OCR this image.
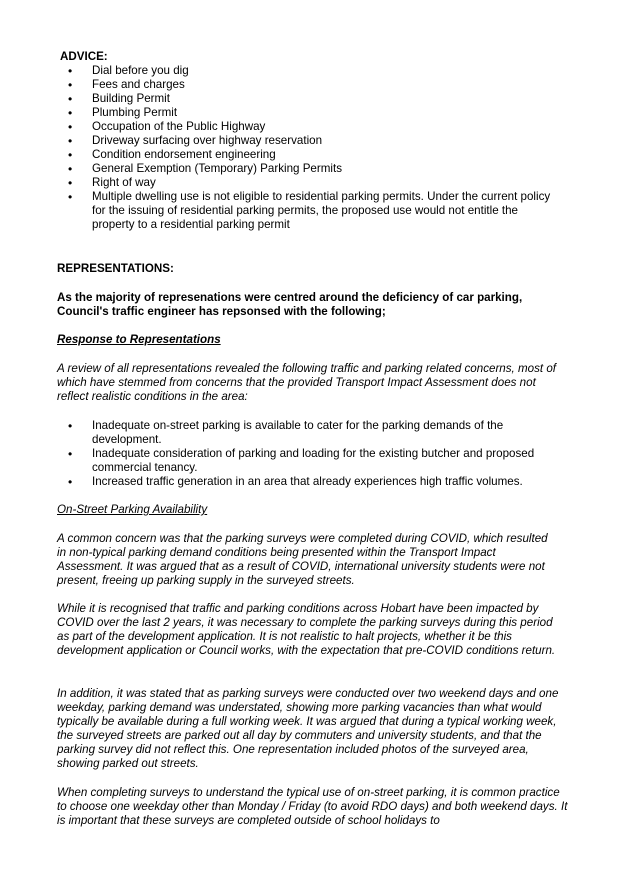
ADVICE:
• Dial before you dig
• Fees and charges
• Building Permit
• Plumbing Permit
• Occupation of the Public Highway
• Driveway surfacing over highway reservation
• Condition endorsement engineering
• General Exemption (Temporary) Parking Permits
• Right of way
• Multiple dwelling use is not eligible to residential parking permits. Under the current policy for the issuing of residential parking permits, the proposed use would not entitle the property to a residential parking permit
REPRESENTATIONS:

As the majority of represenations were centred around the deficiency of car parking, Council's traffic engineer has repsonsed with the following;

Response to Representations

A review of all representations revealed the following traffic and parking related concerns, most of which have stemmed from concerns that the provided Transport Impact Assessment does not reflect realistic conditions in the area:

• Inadequate on-street parking is available to cater for the parking demands of the development.
• Inadequate consideration of parking and loading for the existing butcher and proposed commercial tenancy.
• Increased traffic generation in an area that already experiences high traffic volumes.
On-Street Parking Availability

A common concern was that the parking surveys were completed during COVID, which resulted in non-typical parking demand conditions being presented within the Transport Impact Assessment. It was argued that as a result of COVID, international university students were not present, freeing up parking supply in the surveyed streets.

While it is recognised that traffic and parking conditions across Hobart have been impacted by COVID over the last 2 years, it was necessary to complete the parking surveys during this period as part of the development application. It is not realistic to halt projects, whether it be this development application or Council works, with the expectation that pre-COVID conditions return.

In addition, it was stated that as parking surveys were conducted over two weekend days and one weekday, parking demand was understated, showing more parking vacancies than what would typically be available during a full working week. It was argued that during a typical working week, the surveyed streets are parked out all day by commuters and university students, and that the parking survey did not reflect this. One representation included photos of the surveyed area, showing parked out streets.

When completing surveys to understand the typical use of on-street parking, it is common practice to choose one weekday other than Monday / Friday (to avoid RDO days) and both weekend days. It is important that these surveys are completed outside of school holidays to
